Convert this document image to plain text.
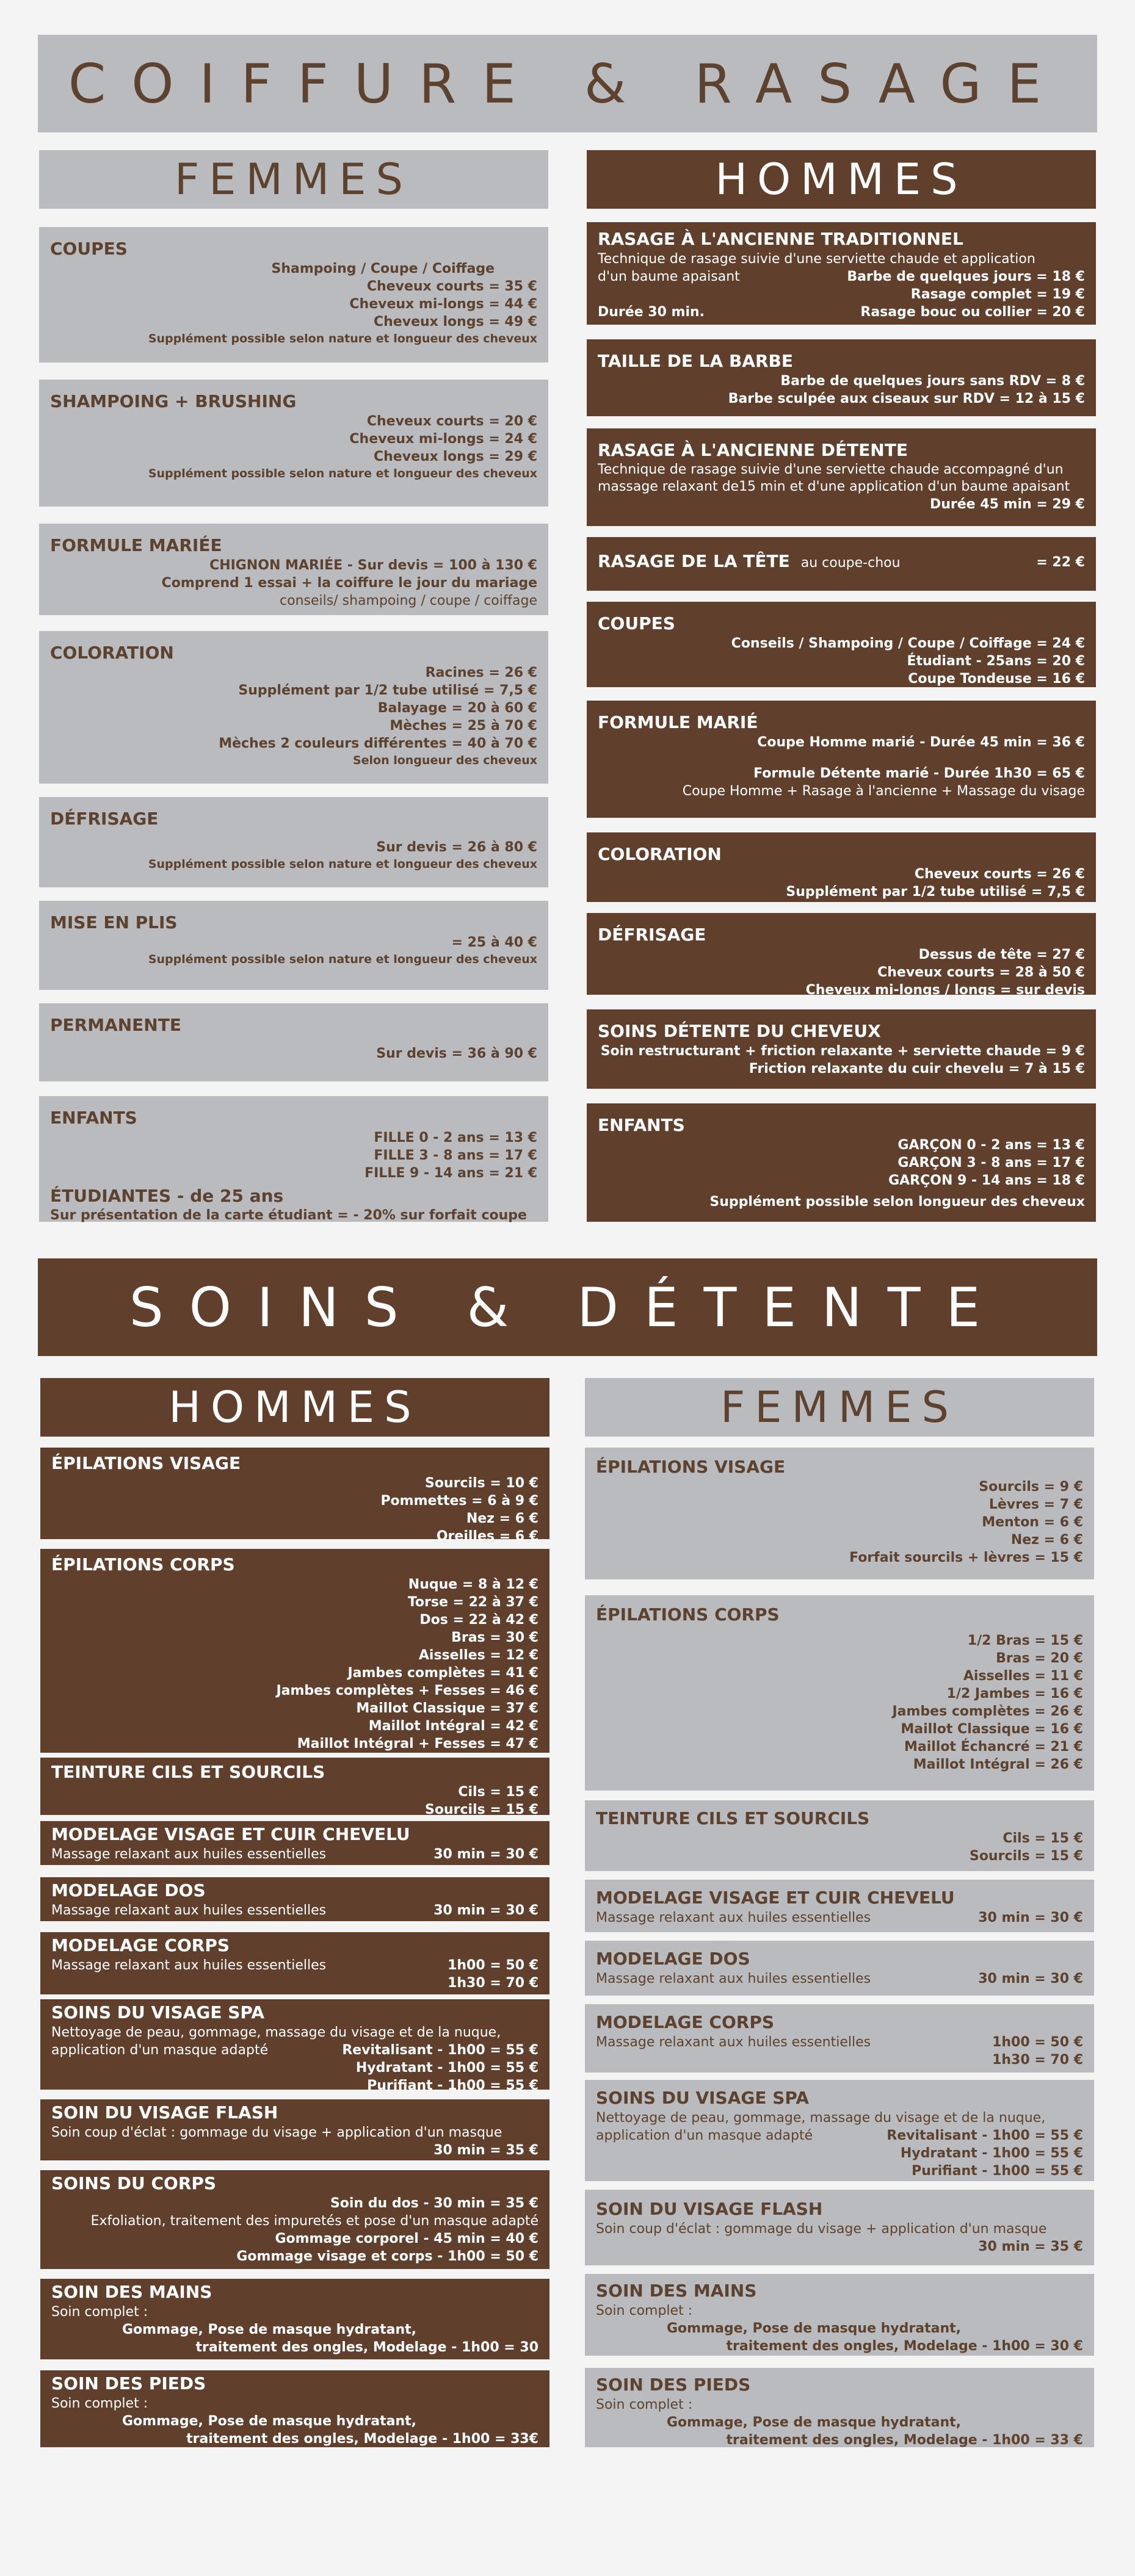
COIFFURE & RASAGE
FEMMES	HOMMES
COUPES
Shampoing / Coupe / Coiffage
Cheveux courts = 35 €
Cheveux mi-longs = 44 €
Cheveux longs = 49 €
Supplément possible selon nature et longueur des cheveux
SHAMPOING + BRUSHING
Cheveux courts = 20 €
Cheveux mi-longs = 24 €
Cheveux longs = 29 €
Supplément possible selon nature et longueur des cheveux
FORMULE MARIÉE
CHIGNON MARIÉE - Sur devis = 100 à 130 €
Comprend 1 essai + la coiffure le jour du mariage
conseils/ shampoing / coupe / coiffage
COLORATION
Racines = 26 €
Supplément par 1/2 tube utilisé = 7,5 €
Balayage = 20 à 60 €
Mèches = 25 à 70 €
Mèches 2 couleurs différentes = 40 à 70 €
Selon longueur des cheveux
DÉFRISAGE
Sur devis = 26 à 80 €
Supplément possible selon nature et longueur des cheveux
MISE EN PLIS
= 25 à 40 €
Supplément possible selon nature et longueur des cheveux
PERMANENTE
Sur devis = 36 à 90 €
ENFANTS
FILLE 0 - 2 ans = 13 €
FILLE 3 - 8 ans = 17 €
FILLE 9 - 14 ans = 21 €
ÉTUDIANTES - de 25 ans
Sur présentation de la carte étudiant = - 20% sur forfait coupe
RASAGE À L'ANCIENNE TRADITIONNEL
Technique de rasage suivie d'une serviette chaude et application
d'un baume apaisant	Barbe de quelques jours = 18 €
Rasage complet = 19 €
Durée 30 min.	Rasage bouc ou collier = 20 €
TAILLE DE LA BARBE
Barbe de quelques jours sans RDV = 8 €
Barbe sculpée aux ciseaux sur RDV = 12 à 15 €
RASAGE À L'ANCIENNE DÉTENTE
Technique de rasage suivie d'une serviette chaude accompagné d'un massage relaxant de15 min et d'une application d'un baume apaisant
Durée 45 min = 29 €
RASAGE DE LA TÊTE au coupe-chou	= 22 €
COUPES
Conseils / Shampoing / Coupe / Coiffage = 24 €
Étudiant - 25ans = 20 €
Coupe Tondeuse = 16 €
FORMULE MARIÉ
Coupe Homme marié - Durée 45 min = 36 €
Formule Détente marié - Durée 1h30 = 65 €
Coupe Homme + Rasage à l'ancienne + Massage du visage
COLORATION
Cheveux courts = 26 €
Supplément par 1/2 tube utilisé = 7,5 €
DÉFRISAGE
Dessus de tête = 27 €
Cheveux courts = 28 à 50 €
Cheveux mi-longs / longs = sur devis
SOINS DÉTENTE DU CHEVEUX
Soin restructurant + friction relaxante + serviette chaude = 9 €
Friction relaxante du cuir chevelu = 7 à 15 €
ENFANTS
GARÇON 0 - 2 ans = 13 €
GARÇON 3 - 8 ans = 17 €
GARÇON 9 - 14 ans = 18 €
Supplément possible selon longueur des cheveux
SOINS & DÉTENTE
HOMMES	FEMMES
ÉPILATIONS VISAGE
Sourcils = 10 €
Pommettes = 6 à 9 €
Nez = 6 €
Oreilles = 6 €
ÉPILATIONS CORPS
Nuque = 8 à 12 €
Torse = 22 à 37 €
Dos = 22 à 42 €
Bras = 30 €
Aisselles = 12 €
Jambes complètes = 41 €
Jambes complètes + Fesses = 46 €
Maillot Classique = 37 €
Maillot Intégral = 42 €
Maillot Intégral + Fesses = 47 €
TEINTURE CILS ET SOURCILS
Cils = 15 €
Sourcils = 15 €
MODELAGE VISAGE ET CUIR CHEVELU
Massage relaxant aux huiles essentielles	30 min = 30 €
MODELAGE DOS
Massage relaxant aux huiles essentielles	30 min = 30 €
MODELAGE CORPS
Massage relaxant aux huiles essentielles	1h00 = 50 €
1h30 = 70 €
SOINS DU VISAGE SPA
Nettoyage de peau, gommage, massage du visage et de la nuque,
application d'un masque adapté	Revitalisant - 1h00 = 55 €
Hydratant - 1h00 = 55 €
Purifiant - 1h00 = 55 €
SOIN DU VISAGE FLASH
Soin coup d'éclat : gommage du visage + application d'un masque
30 min = 35 €
SOINS DU CORPS
Soin du dos - 30 min = 35 €
Exfoliation, traitement des impuretés et pose d'un masque adapté
Gommage corporel - 45 min = 40 €
Gommage visage et corps - 1h00 = 50 €
SOIN DES MAINS
Soin complet :
Gommage, Pose de masque hydratant,
traitement des ongles, Modelage - 1h00 = 30
SOIN DES PIEDS
Soin complet :
Gommage, Pose de masque hydratant,
traitement des ongles, Modelage - 1h00 = 33€
ÉPILATIONS VISAGE
Sourcils = 9 €
Lèvres = 7 €
Menton = 6 €
Nez = 6 €
Forfait sourcils + lèvres = 15 €
ÉPILATIONS CORPS
1/2 Bras = 15 €
Bras = 20 €
Aisselles = 11 €
1/2 Jambes = 16 €
Jambes complètes = 26 €
Maillot Classique = 16 €
Maillot Échancré = 21 €
Maillot Intégral = 26 €
TEINTURE CILS ET SOURCILS
Cils = 15 €
Sourcils = 15 €
MODELAGE VISAGE ET CUIR CHEVELU
Massage relaxant aux huiles essentielles	30 min = 30 €
MODELAGE DOS
Massage relaxant aux huiles essentielles	30 min = 30 €
MODELAGE CORPS
Massage relaxant aux huiles essentielles	1h00 = 50 €
1h30 = 70 €
SOINS DU VISAGE SPA
Nettoyage de peau, gommage, massage du visage et de la nuque,
application d'un masque adapté	Revitalisant - 1h00 = 55 €
Hydratant - 1h00 = 55 €
Purifiant - 1h00 = 55 €
SOIN DU VISAGE FLASH
Soin coup d'éclat : gommage du visage + application d'un masque
30 min = 35 €
SOIN DES MAINS
Soin complet :
Gommage, Pose de masque hydratant,
traitement des ongles, Modelage - 1h00 = 30 €
SOIN DES PIEDS
Soin complet :
Gommage, Pose de masque hydratant,
traitement des ongles, Modelage - 1h00 = 33 €
